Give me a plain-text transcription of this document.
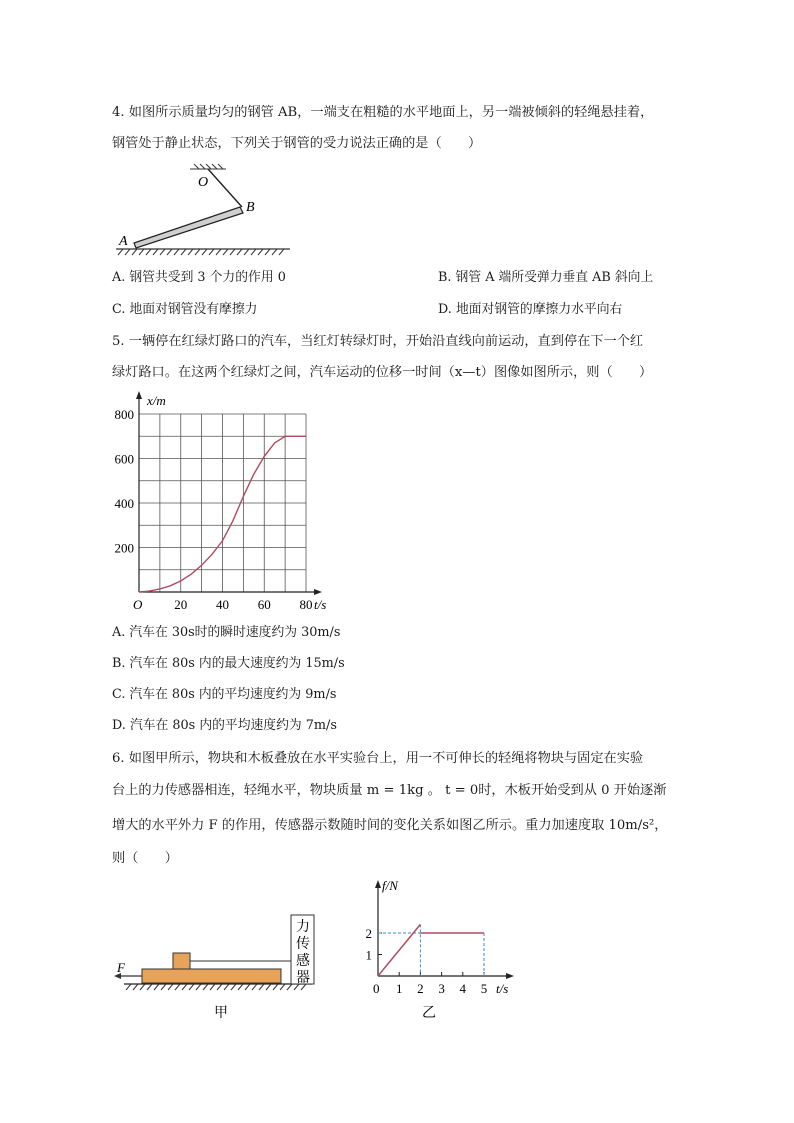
4. 如图所示质量均匀的钢管 AB，一端支在粗糙的水平地面上，另一端被倾斜的轻绳悬挂着，
钢管处于静止状态，下列关于钢管的受力说法正确的是（　　）
O
B
A
A. 钢管共受到 3 个力的作用 0	B. 钢管 A 端所受弹力垂直 AB 斜向上
C. 地面对钢管没有摩擦力	D. 地面对钢管的摩擦力水平向右
5. 一辆停在红绿灯路口的汽车，当红灯转绿灯时，开始沿直线向前运动，直到停在下一个红
绿灯路口。在这两个红绿灯之间，汽车运动的位移一时间（x—t）图像如图所示，则（　　）
20 40 60 80
200
400
600
800
x/m
t/s
O
A. 汽车在 30s时的瞬时速度约为 30m/s
B. 汽车在 80s 内的最大速度约为 15m/s
C. 汽车在 80s 内的平均速度约为 9m/s
D. 汽车在 80s 内的平均速度约为 7m/s
6. 如图甲所示，物块和木板叠放在水平实验台上，用一不可伸长的轻绳将物块与固定在实验
台上的力传感器相连，轻绳水平，物块质量 m = 1kg 。 t = 0时，木板开始受到从 0 开始逐渐
增大的水平外力 F 的作用，传感器示数随时间的变化关系如图乙所示。重力加速度取 10m/s²，
则（　　）
力
传
感
器
F
甲
1 2 3 4 5
1
2
f/N
t/s
0
乙
